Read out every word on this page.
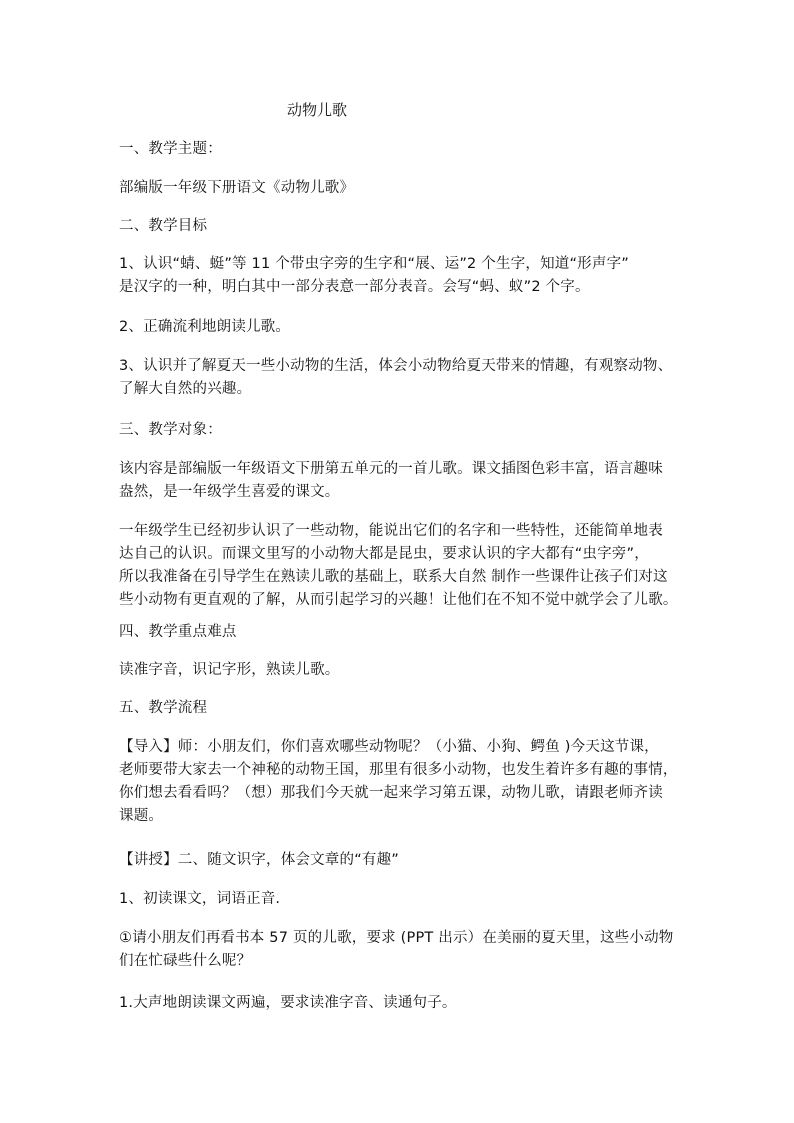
动物儿歌
一、教学主题：
部编版一年级下册语文《动物儿歌》
二、教学目标
1、认识“蜻、蜓”等 11 个带虫字旁的生字和“展、运”2 个生字，知道“形声字”
是汉字的一种，明白其中一部分表意一部分表音。会写“蚂、蚁”2 个字。
2、正确流利地朗读儿歌。
3、认识并了解夏天一些小动物的生活，体会小动物给夏天带来的情趣，有观察动物、
了解大自然的兴趣。
三、教学对象：
该内容是部编版一年级语文下册第五单元的一首儿歌。课文插图色彩丰富，语言趣味
盎然，是一年级学生喜爱的课文。
一年级学生已经初步认识了一些动物，能说出它们的名字和一些特性，还能简单地表
达自己的认识。而课文里写的小动物大都是昆虫，要求认识的字大都有“虫字旁”，
所以我准备在引导学生在熟读儿歌的基础上，联系大自然 制作一些课件让孩子们对这
些小动物有更直观的了解，从而引起学习的兴趣！让他们在不知不觉中就学会了儿歌。
四、教学重点难点
读准字音，识记字形，熟读儿歌。
五、教学流程
【导入】师：小朋友们，你们喜欢哪些动物呢？（小猫、小狗、鳄鱼 )今天这节课，
老师要带大家去一个神秘的动物王国，那里有很多小动物，也发生着许多有趣的事情，
你们想去看看吗？（想）那我们今天就一起来学习第五课，动物儿歌，请跟老师齐读
课题。
【讲授】二、随文识字，体会文章的“有趣”
1、初读课文，词语正音.
①请小朋友们再看书本 57 页的儿歌，要求 (PPT 出示）在美丽的夏天里，这些小动物
们在忙碌些什么呢？
1.大声地朗读课文两遍，要求读准字音、读通句子。
